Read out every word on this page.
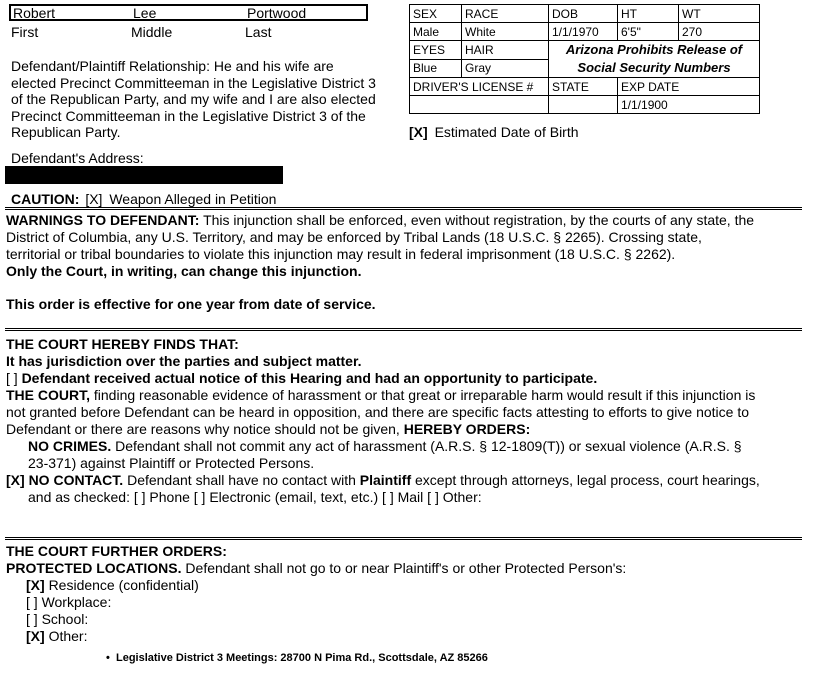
Robert	Lee	Portwood
First	Middle	Last
Defendant/Plaintiff Relationship: He and his wife are
elected Precinct Committeeman in the Legislative District 3
of the Republican Party, and my wife and I are also elected
Precinct Committeeman in the Legislative District 3 of the
Republican Party.
Defendant's Address:
CAUTION: [X] Weapon Alleged in Petition
SEX	RACE	DOB	HT	WT
Male	White	1/1/1970	6'5"	270
EYES	HAIR	Arizona Prohibits Release of
Social Security Numbers		

Blue	Gray			
DRIVER'S LICENSE #		STATE	EXP DATE	
			1/1/1900	
[X] Estimated Date of Birth
WARNINGS TO DEFENDANT: This injunction shall be enforced, even without registration, by the courts of any state, the
District of Columbia, any U.S. Territory, and may be enforced by Tribal Lands (18 U.S.C. § 2265). Crossing state,
territorial or tribal boundaries to violate this injunction may result in federal imprisonment (18 U.S.C. § 2262).
Only the Court, in writing, can change this injunction.
This order is effective for one year from date of service.
THE COURT HEREBY FINDS THAT:
It has jurisdiction over the parties and subject matter.
[ ] Defendant received actual notice of this Hearing and had an opportunity to participate.
THE COURT, finding reasonable evidence of harassment or that great or irreparable harm would result if this injunction is
not granted before Defendant can be heard in opposition, and there are specific facts attesting to efforts to give notice to
Defendant or there are reasons why notice should not be given, HEREBY ORDERS:
NO CRIMES. Defendant shall not commit any act of harassment (A.R.S. § 12-1809(T)) or sexual violence (A.R.S. §
23-371) against Plaintiff or Protected Persons.
[X] NO CONTACT. Defendant shall have no contact with Plaintiff except through attorneys, legal process, court hearings,
and as checked: [ ] Phone [ ] Electronic (email, text, etc.) [ ] Mail [ ] Other:
THE COURT FURTHER ORDERS:
PROTECTED LOCATIONS. Defendant shall not go to or near Plaintiff's or other Protected Person's:
[X] Residence (confidential)
[ ] Workplace:
[ ] School:
[X] Other:
• Legislative District 3 Meetings: 28700 N Pima Rd., Scottsdale, AZ 85266
